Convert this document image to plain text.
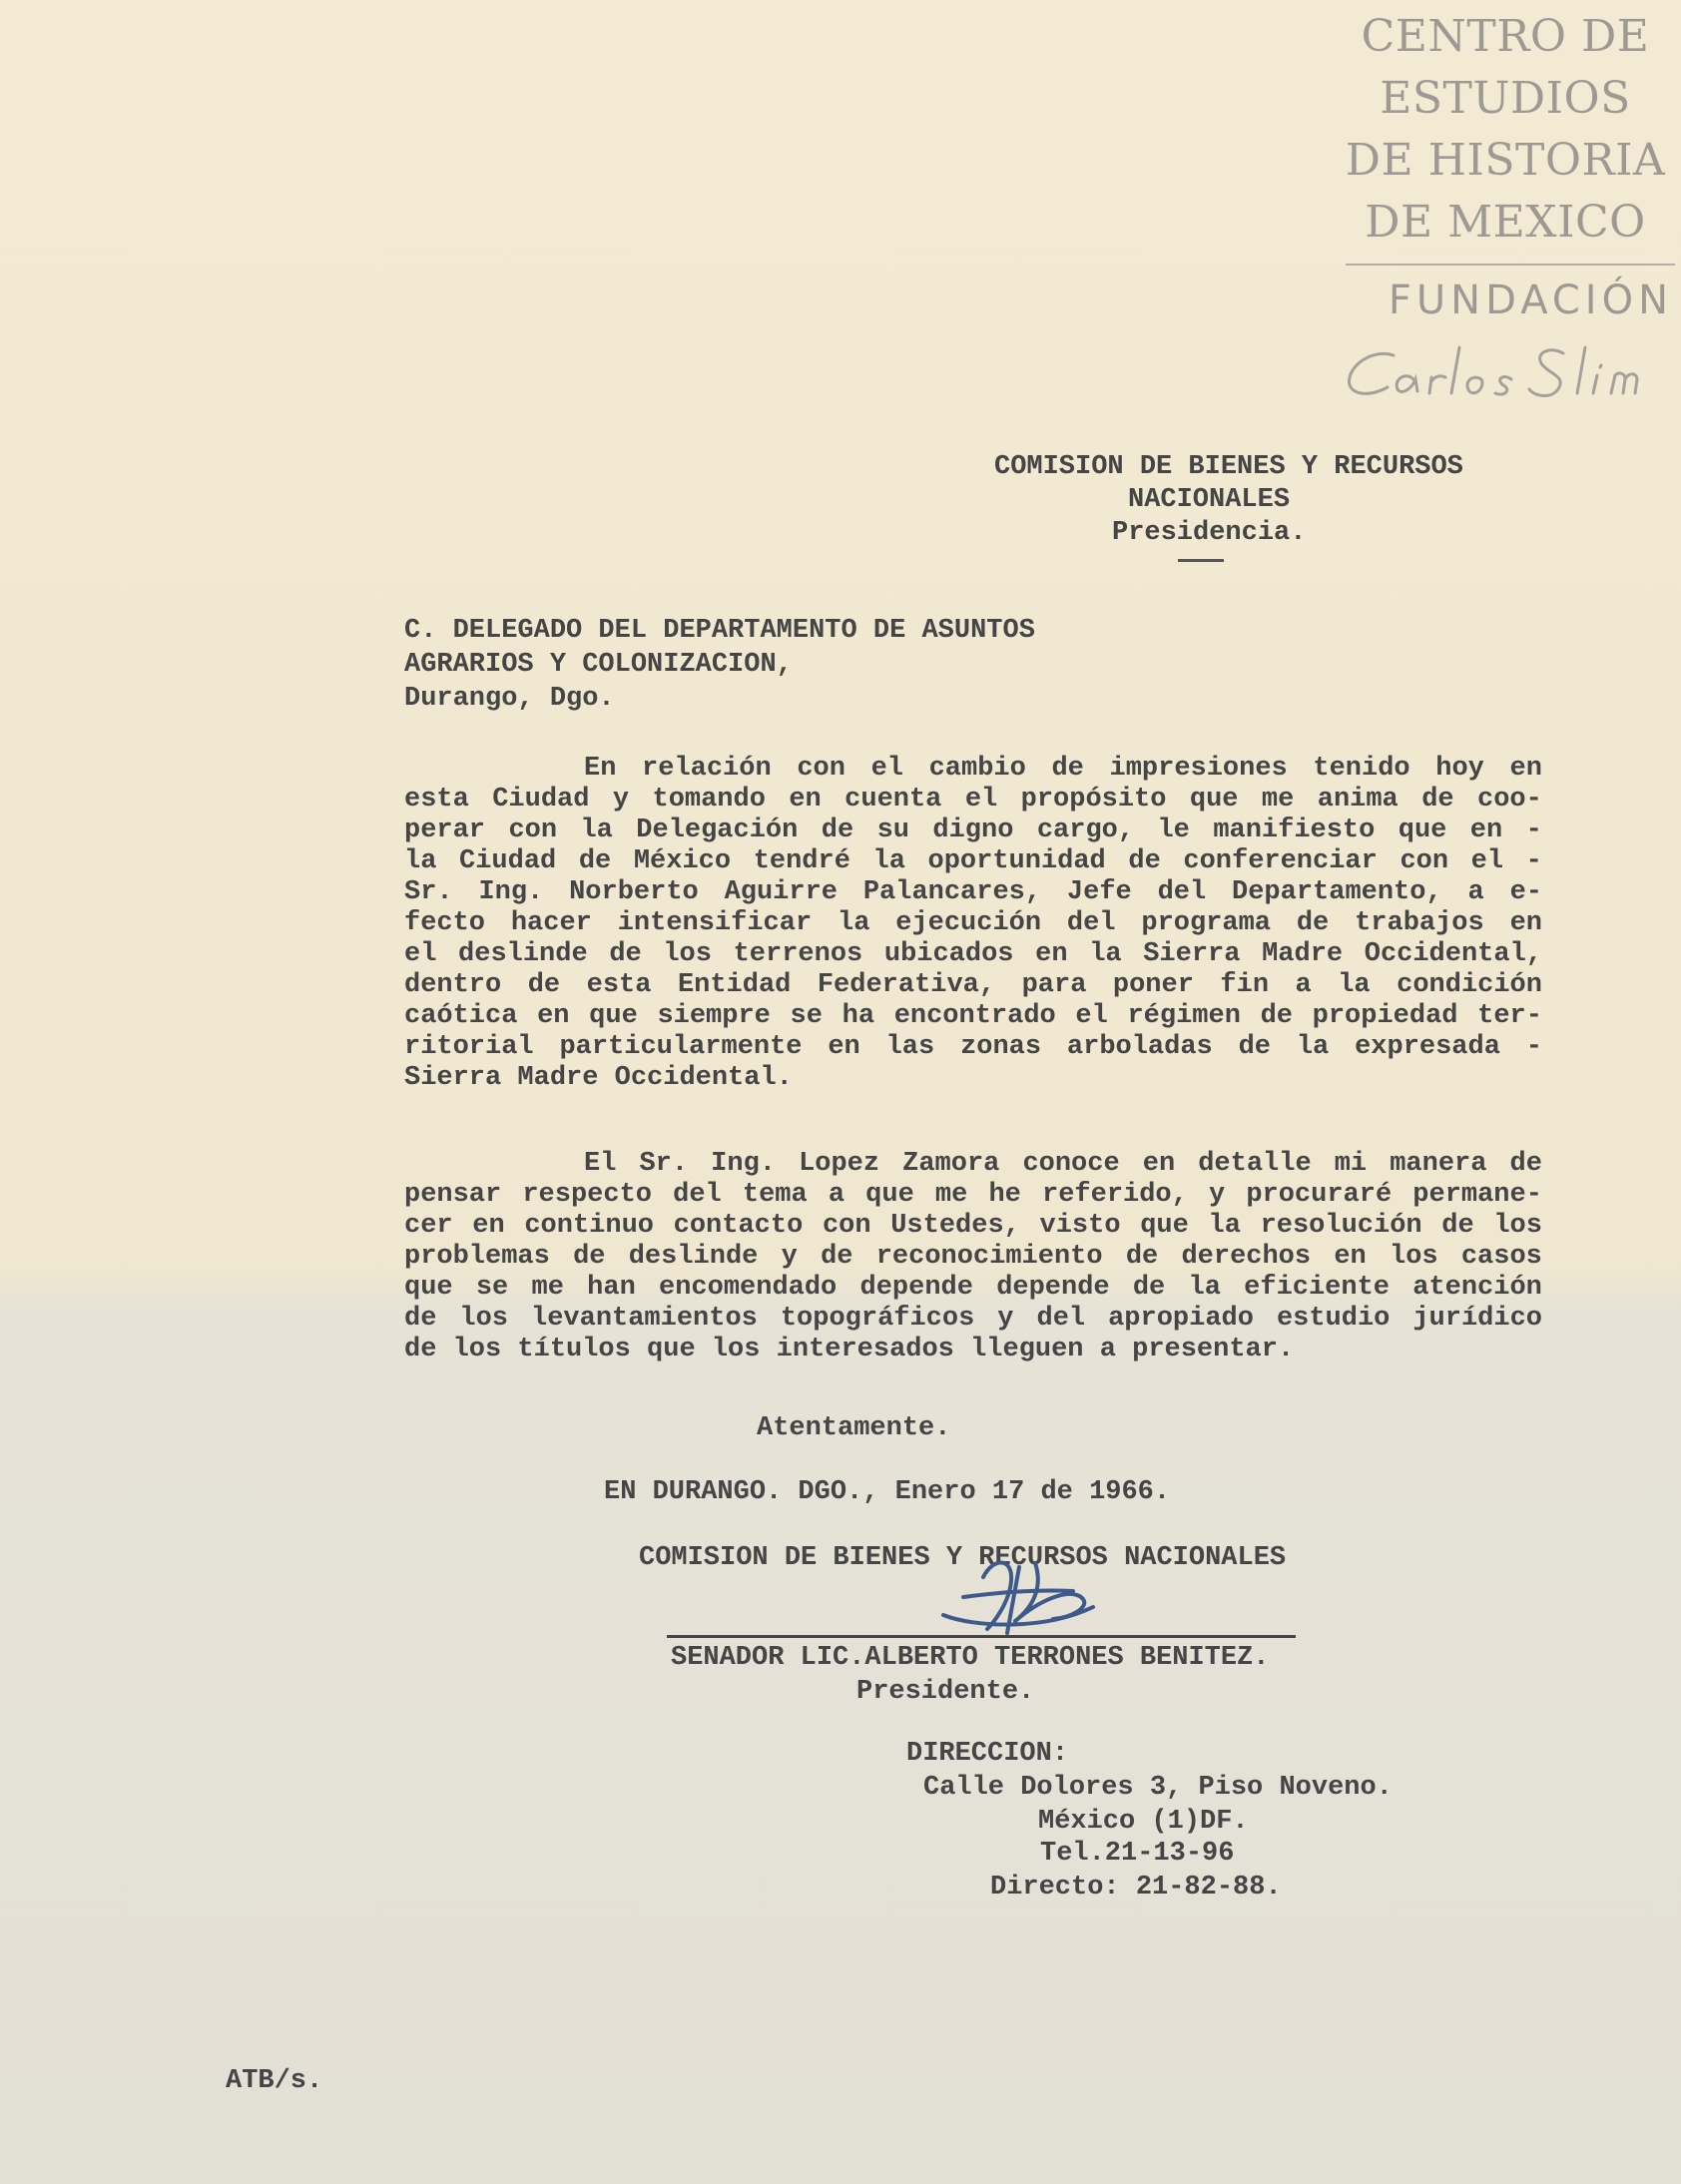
CENTRO DE
ESTUDIOS
DE HISTORIA
DE MEXICO
FUNDACIÓN
COMISION DE BIENES Y RECURSOS
NACIONALES
Presidencia.
C. DELEGADO DEL DEPARTAMENTO DE ASUNTOS
AGRARIOS Y COLONIZACION,
Durango, Dgo.
En relación con el cambio de impresiones tenido hoy en
esta Ciudad y tomando en cuenta el propósito que me anima de coo-
perar con la Delegación de su digno cargo, le manifiesto que en -
la Ciudad de México tendré la oportunidad de conferenciar con el -
Sr. Ing. Norberto Aguirre Palancares, Jefe del Departamento, a e-
fecto hacer intensificar la ejecución del programa de trabajos en
el deslinde de los terrenos ubicados en la Sierra Madre Occidental,
dentro de esta Entidad Federativa, para poner fin a la condición
caótica en que siempre se ha encontrado el régimen de propiedad ter-
ritorial particularmente en las zonas arboladas de la expresada -
Sierra Madre Occidental.
El Sr. Ing. Lopez Zamora conoce en detalle mi manera de
pensar respecto del tema a que me he referido, y procuraré permane-
cer en continuo contacto con Ustedes, visto que la resolución de los
problemas de deslinde y de reconocimiento de derechos en los casos
que se me han encomendado depende depende de la eficiente atención
de los levantamientos topográficos y del apropiado estudio jurídico
de los títulos que los interesados lleguen a presentar.
Atentamente.
EN DURANGO. DGO., Enero 17 de 1966.
COMISION DE BIENES Y RECURSOS NACIONALES
SENADOR LIC.ALBERTO TERRONES BENITEZ.
Presidente.
DIRECCION:
Calle Dolores 3, Piso Noveno.
México (1)DF.
Tel.21-13-96
Directo: 21-82-88.
ATB/s.
